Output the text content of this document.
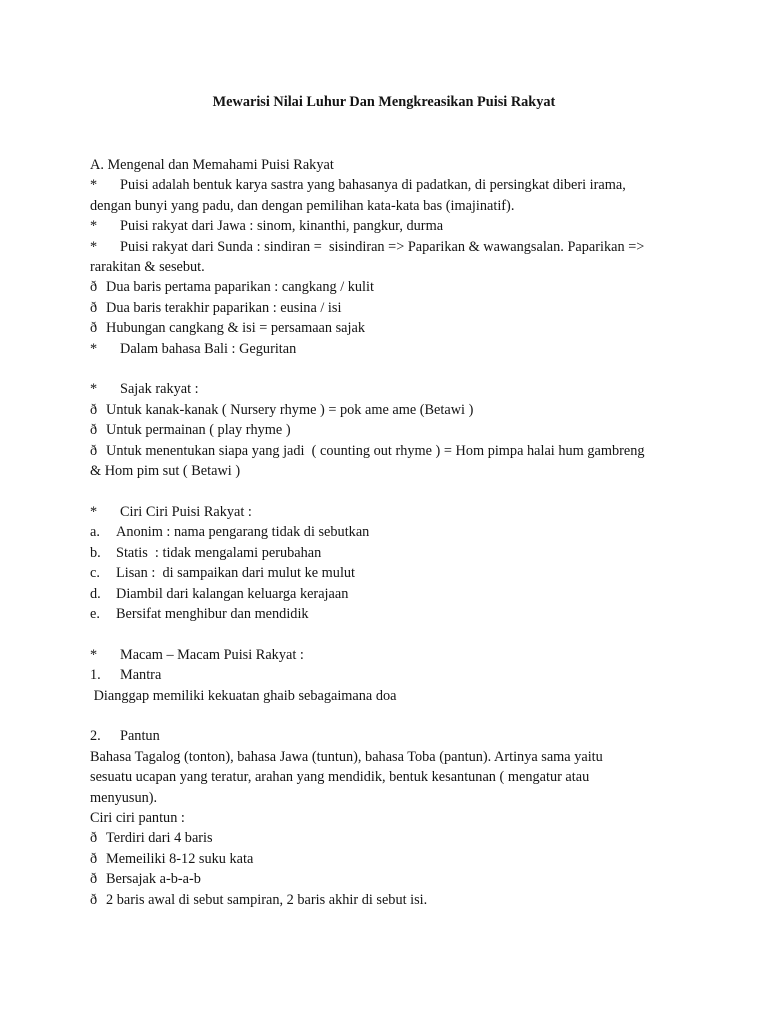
Mewarisi Nilai Luhur Dan Mengkreasikan Puisi Rakyat
A. Mengenal dan Memahami Puisi Rakyat
* Puisi adalah bentuk karya sastra yang bahasanya di padatkan, di persingkat diberi irama,
dengan bunyi yang padu, dan dengan pemilihan kata-kata bas (imajinatif).
* Puisi rakyat dari Jawa : sinom, kinanthi, pangkur, durma
* Puisi rakyat dari Sunda : sindiran =  sisindiran => Paparikan & wawangsalan. Paparikan =>
rarakitan & sesebut.
ð Dua baris pertama paparikan : cangkang / kulit
ð Dua baris terakhir paparikan : eusina / isi
ð Hubungan cangkang & isi = persamaan sajak
* Dalam bahasa Bali : Geguritan
* Sajak rakyat :
ð Untuk kanak-kanak ( Nursery rhyme ) = pok ame ame (Betawi )
ð Untuk permainan ( play rhyme )
ð Untuk menentukan siapa yang jadi  ( counting out rhyme ) = Hom pimpa halai hum gambreng
& Hom pim sut ( Betawi )
* Ciri Ciri Puisi Rakyat :
a. Anonim : nama pengarang tidak di sebutkan
b. Statis  : tidak mengalami perubahan
c. Lisan :  di sampaikan dari mulut ke mulut
d. Diambil dari kalangan keluarga kerajaan
e. Bersifat menghibur dan mendidik
* Macam – Macam Puisi Rakyat :
1. Mantra
Dianggap memiliki kekuatan ghaib sebagaimana doa
2. Pantun
Bahasa Tagalog (tonton), bahasa Jawa (tuntun), bahasa Toba (pantun). Artinya sama yaitu
sesuatu ucapan yang teratur, arahan yang mendidik, bentuk kesantunan ( mengatur atau
menyusun).
Ciri ciri pantun :
ð Terdiri dari 4 baris
ð Memeiliki 8-12 suku kata
ð Bersajak a-b-a-b
ð 2 baris awal di sebut sampiran, 2 baris akhir di sebut isi.
